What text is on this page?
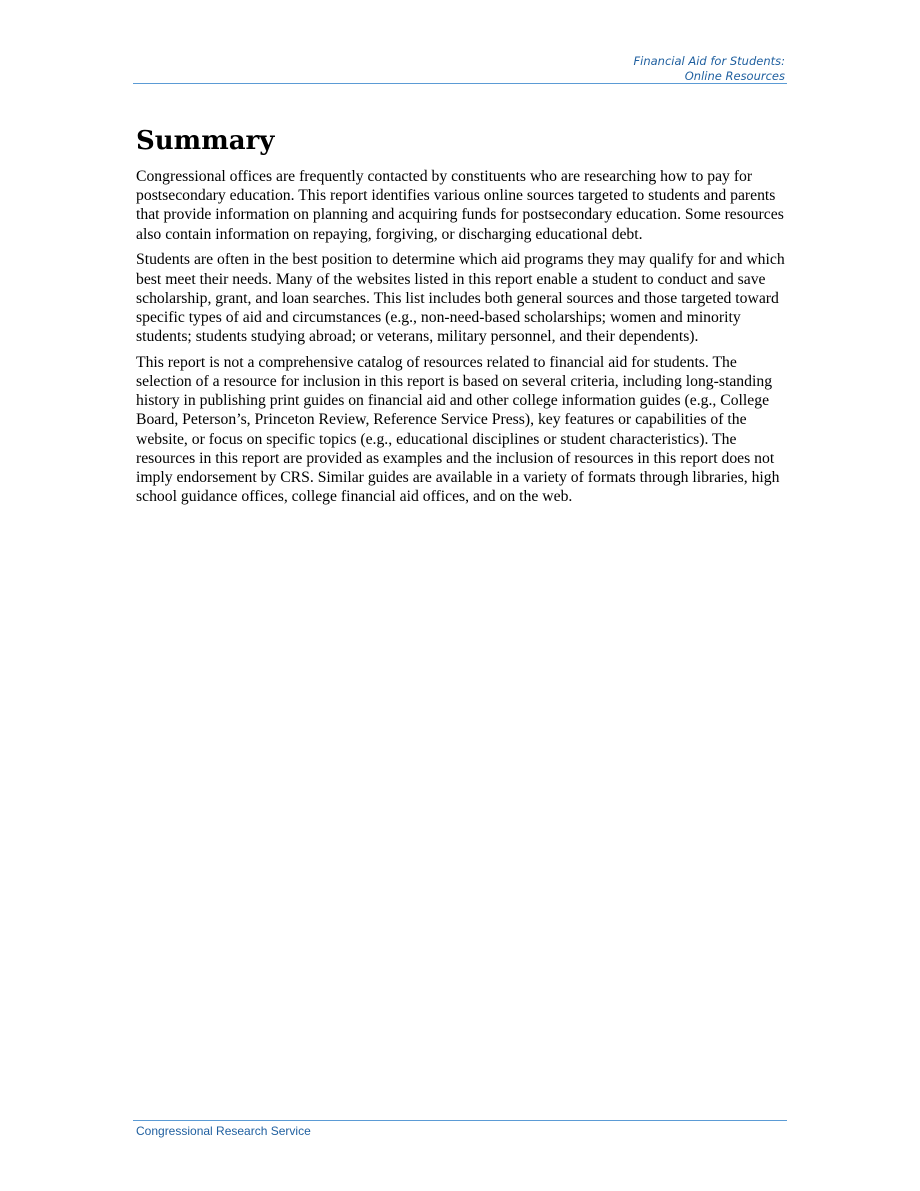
Financial Aid for Students:
Online Resources
Summary

Congressional offices are frequently contacted by constituents who are researching how to pay for postsecondary education. This report identifies various online sources targeted to students and parents that provide information on planning and acquiring funds for postsecondary education. Some resources also contain information on repaying, forgiving, or discharging educational debt.

Students are often in the best position to determine which aid programs they may qualify for and which best meet their needs. Many of the websites listed in this report enable a student to conduct and save scholarship, grant, and loan searches. This list includes both general sources and those targeted toward specific types of aid and circumstances (e.g., non-need-based scholarships; women and minority students; students studying abroad; or veterans, military personnel, and their dependents).

This report is not a comprehensive catalog of resources related to financial aid for students. The selection of a resource for inclusion in this report is based on several criteria, including long-standing history in publishing print guides on financial aid and other college information guides (e.g., College Board, Peterson’s, Princeton Review, Reference Service Press), key features or capabilities of the website, or focus on specific topics (e.g., educational disciplines or student characteristics). The resources in this report are provided as examples and the inclusion of resources in this report does not imply endorsement by CRS. Similar guides are available in a variety of formats through libraries, high school guidance offices, college financial aid offices, and on the web.

Congressional Research Service
